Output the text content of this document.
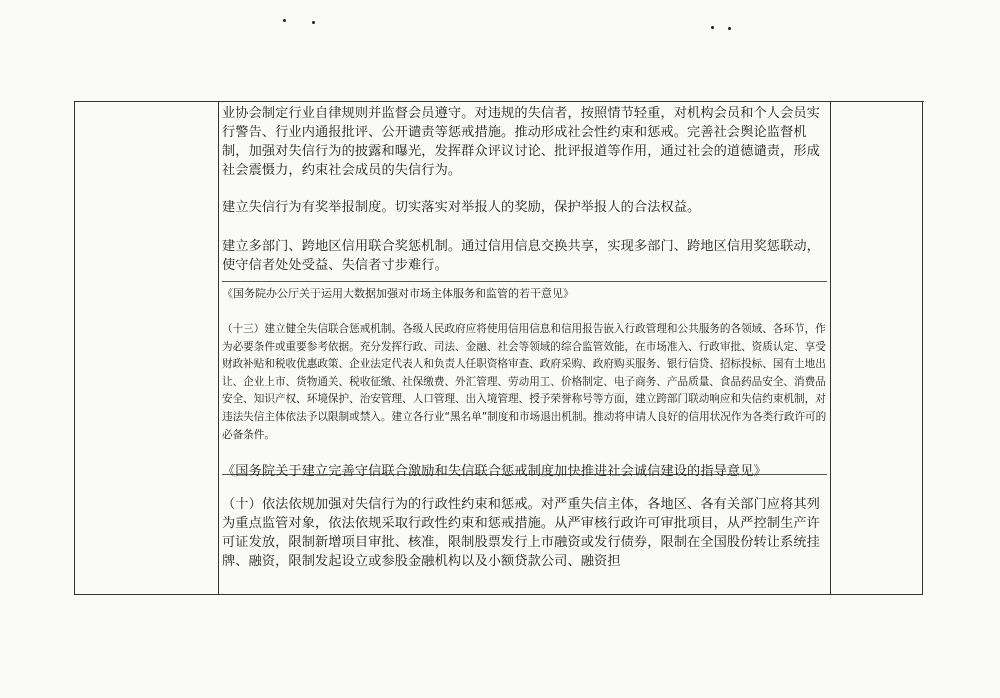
业协会制定行业自律规则并监督会员遵守。对违规的失信者，按照情节轻重，对机构会员和个人会员实行警告、行业内通报批评、公开谴责等惩戒措施。推动形成社会性约束和惩戒。完善社会舆论监督机制，加强对失信行为的披露和曝光，发挥群众评议讨论、批评报道等作用，通过社会的道德谴责，形成社会震慑力，约束社会成员的失信行为。

建立失信行为有奖举报制度。切实落实对举报人的奖励，保护举报人的合法权益。

建立多部门、跨地区信用联合奖惩机制。通过信用信息交换共享，实现多部门、跨地区信用奖惩联动，使守信者处处受益、失信者寸步难行。

《国务院办公厅关于运用大数据加强对市场主体服务和监管的若干意见》

（十三）建立健全失信联合惩戒机制。各级人民政府应将使用信用信息和信用报告嵌入行政管理和公共服务的各领域、各环节，作为必要条件或重要参考依据。充分发挥行政、司法、金融、社会等领域的综合监管效能，在市场准入、行政审批、资质认定、享受财政补贴和税收优惠政策、企业法定代表人和负责人任职资格审查、政府采购、政府购买服务、银行信贷、招标投标、国有土地出让、企业上市、货物通关、税收征缴、社保缴费、外汇管理、劳动用工、价格制定、电子商务、产品质量、食品药品安全、消费品安全、知识产权、环境保护、治安管理、人口管理、出入境管理、授予荣誉称号等方面，建立跨部门联动响应和失信约束机制，对违法失信主体依法予以限制或禁入。建立各行业“黑名单”制度和市场退出机制。推动将申请人良好的信用状况作为各类行政许可的必备条件。

《国务院关于建立完善守信联合激励和失信联合惩戒制度加快推进社会诚信建设的指导意见》

（十）依法依规加强对失信行为的行政性约束和惩戒。对严重失信主体，各地区、各有关部门应将其列为重点监管对象，依法依规采取行政性约束和惩戒措施。从严审核行政许可审批项目，从严控制生产许可证发放，限制新增项目审批、核准，限制股票发行上市融资或发行债券，限制在全国股份转让系统挂牌、融资，限制发起设立或参股金融机构以及小额贷款公司、融资担
